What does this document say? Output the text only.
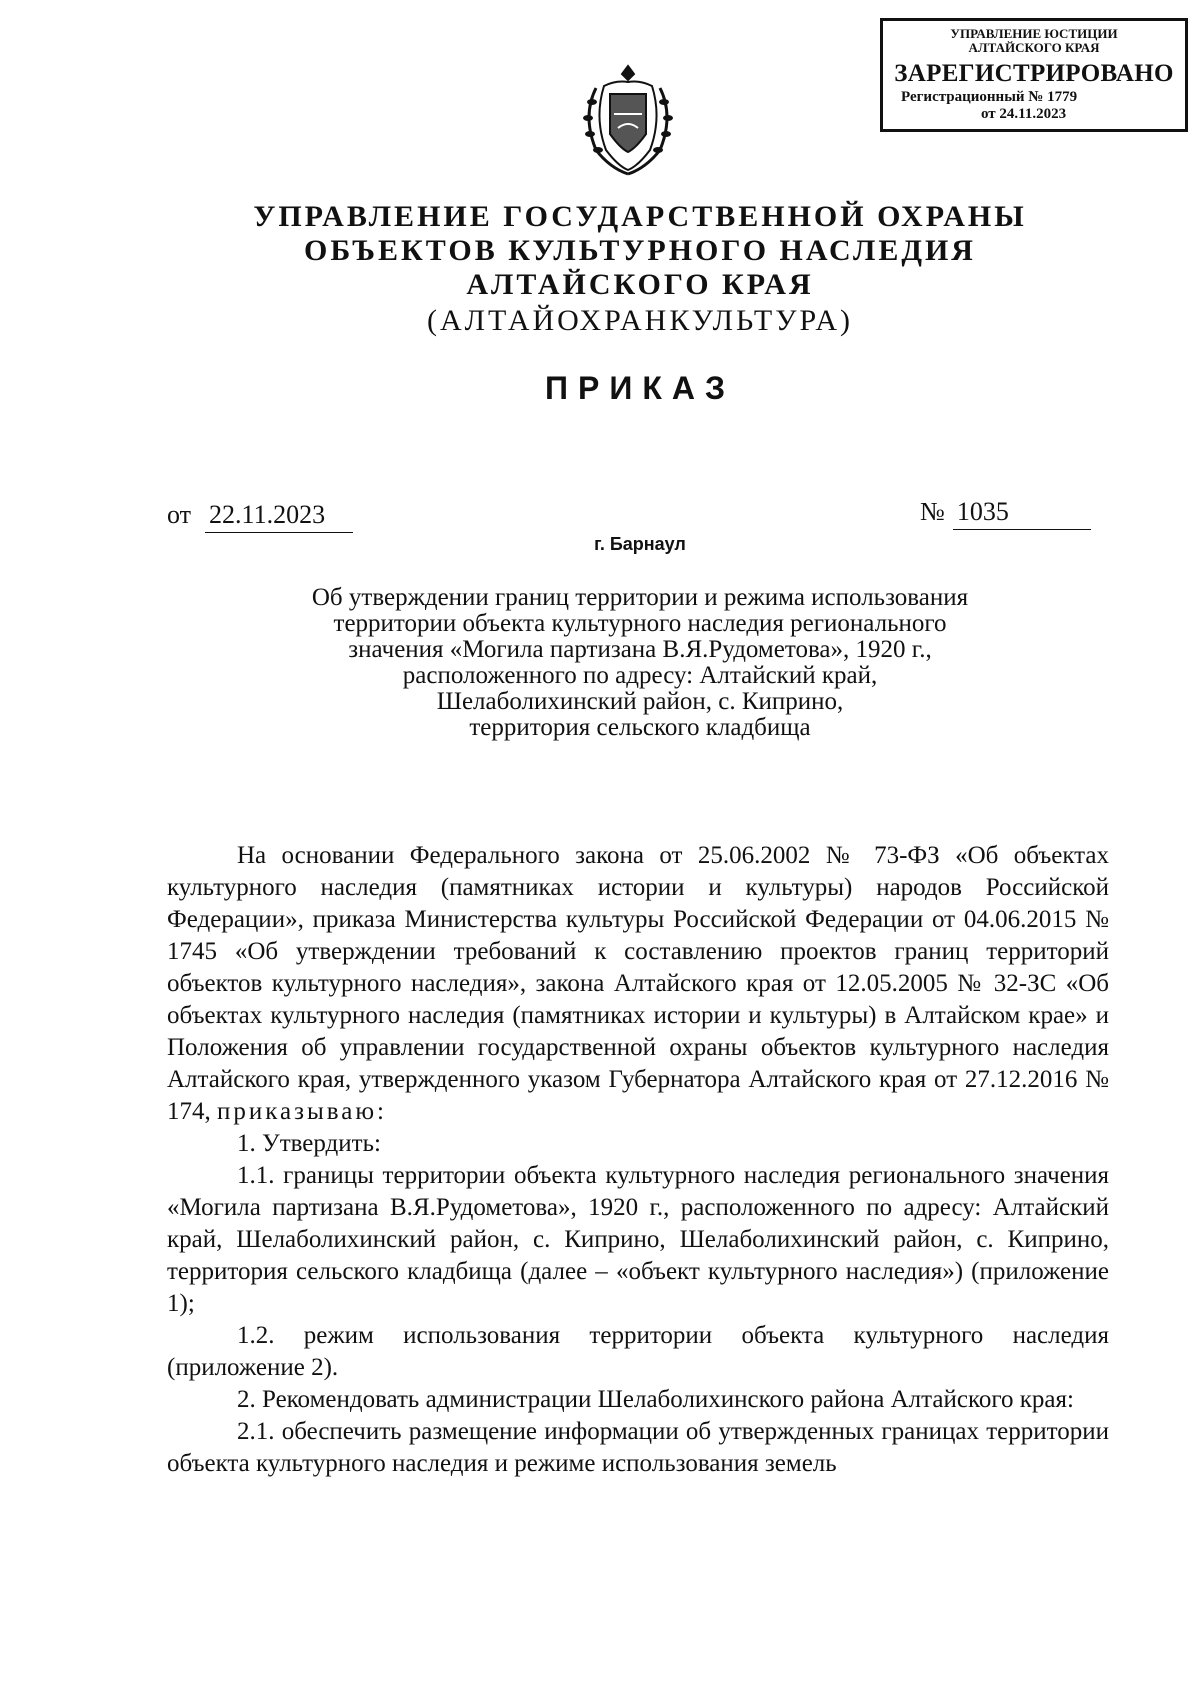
УПРАВЛЕНИЕ ЮСТИЦИИ
АЛТАЙСКОГО КРАЯ
ЗАРЕГИСТРИРОВАНО
Регистрационный № 1779
от 24.11.2023
УПРАВЛЕНИЕ ГОСУДАРСТВЕННОЙ ОХРАНЫ
ОБЪЕКТОВ КУЛЬТУРНОГО НАСЛЕДИЯ
АЛТАЙСКОГО КРАЯ
(АЛТАЙОХРАНКУЛЬТУРА)
ПРИКАЗ
от 22.11.2023	№ 1035
г. Барнаул
Об утверждении границ территории и режима использования
территории объекта культурного наследия регионального
значения «Могила партизана В.Я.Рудометова», 1920 г.,
расположенного по адресу: Алтайский край,
Шелаболихинский район, с. Киприно,
территория сельского кладбища

На основании Федерального закона от 25.06.2002 № 73-ФЗ «Об объектах культурного наследия (памятниках истории и культуры) народов Российской Федерации», приказа Министерства культуры Российской Федерации от 04.06.2015 № 1745 «Об утверждении требований к составлению проектов границ территорий объектов культурного наследия», закона Алтайского края от 12.05.2005 № 32-ЗС «Об объектах культурного наследия (памятниках истории и культуры) в Алтайском крае» и Положения об управлении государственной охраны объектов культурного наследия Алтайского края, утвержденного указом Губернатора Алтайского края от 27.12.2016 № 174, приказываю:

1. Утвердить:

1.1. границы территории объекта культурного наследия регионального значения «Могила партизана В.Я.Рудометова», 1920 г., расположенного по адресу: Алтайский край, Шелаболихинский район, с. Киприно, Шелаболихинский район, с. Киприно, территория сельского кладбища (далее – «объект культурного наследия») (приложение 1);

1.2. режим использования территории объекта культурного наследия (приложение 2).

2. Рекомендовать администрации Шелаболихинского района Алтайского края:

2.1. обеспечить размещение информации об утвержденных границах территории объекта культурного наследия и режиме использования земель
